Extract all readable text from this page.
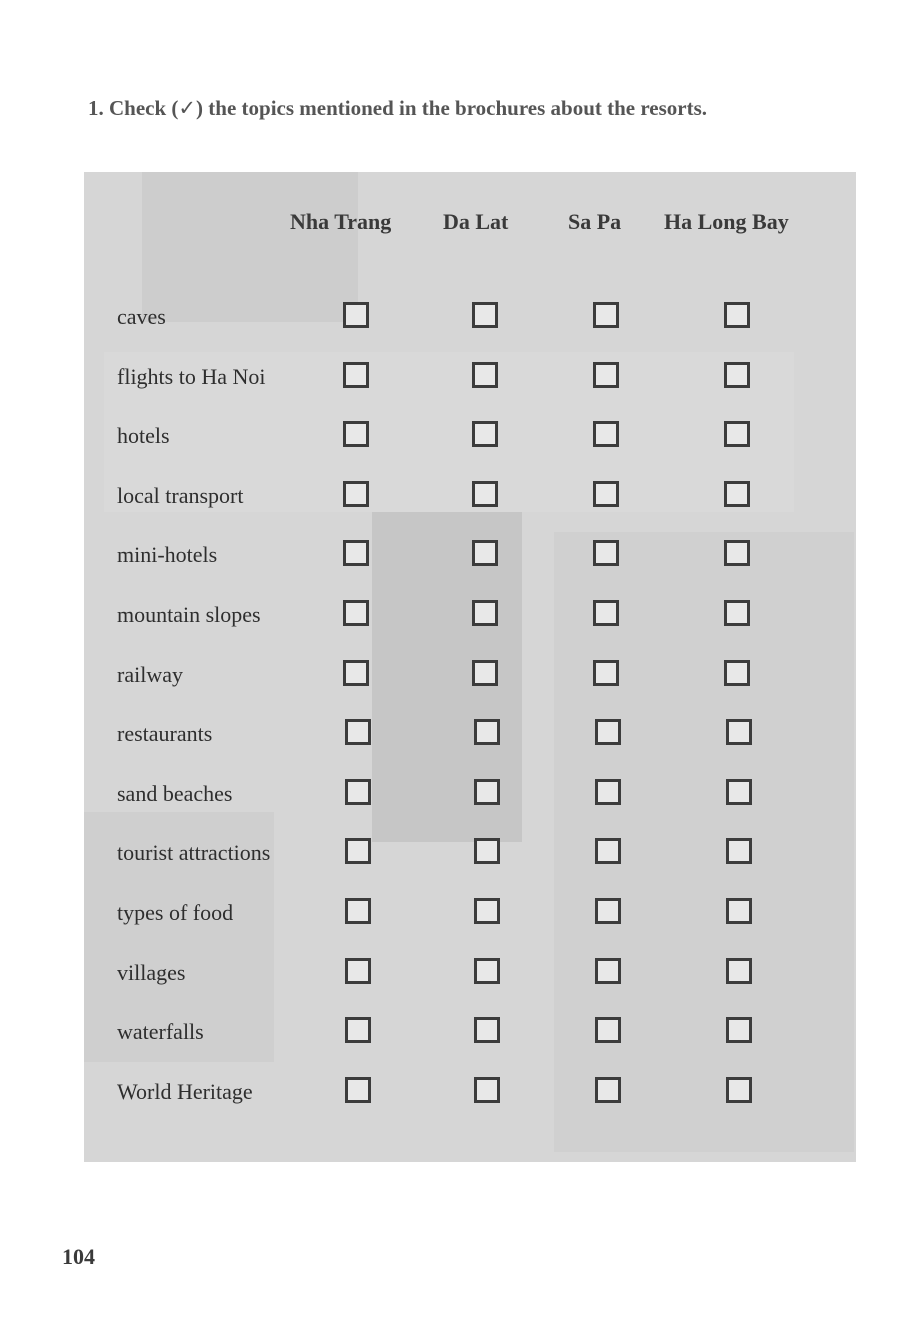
1. Check (✓) the topics mentioned in the brochures about the resorts.
Nha Trang Da Lat	Sa Pa Ha Long Bay
caves
flights to Ha Noi
hotels
local transport
mini-hotels
mountain slopes
railway
restaurants
sand beaches
tourist attractions
types of food
villages
waterfalls
World Heritage
104
